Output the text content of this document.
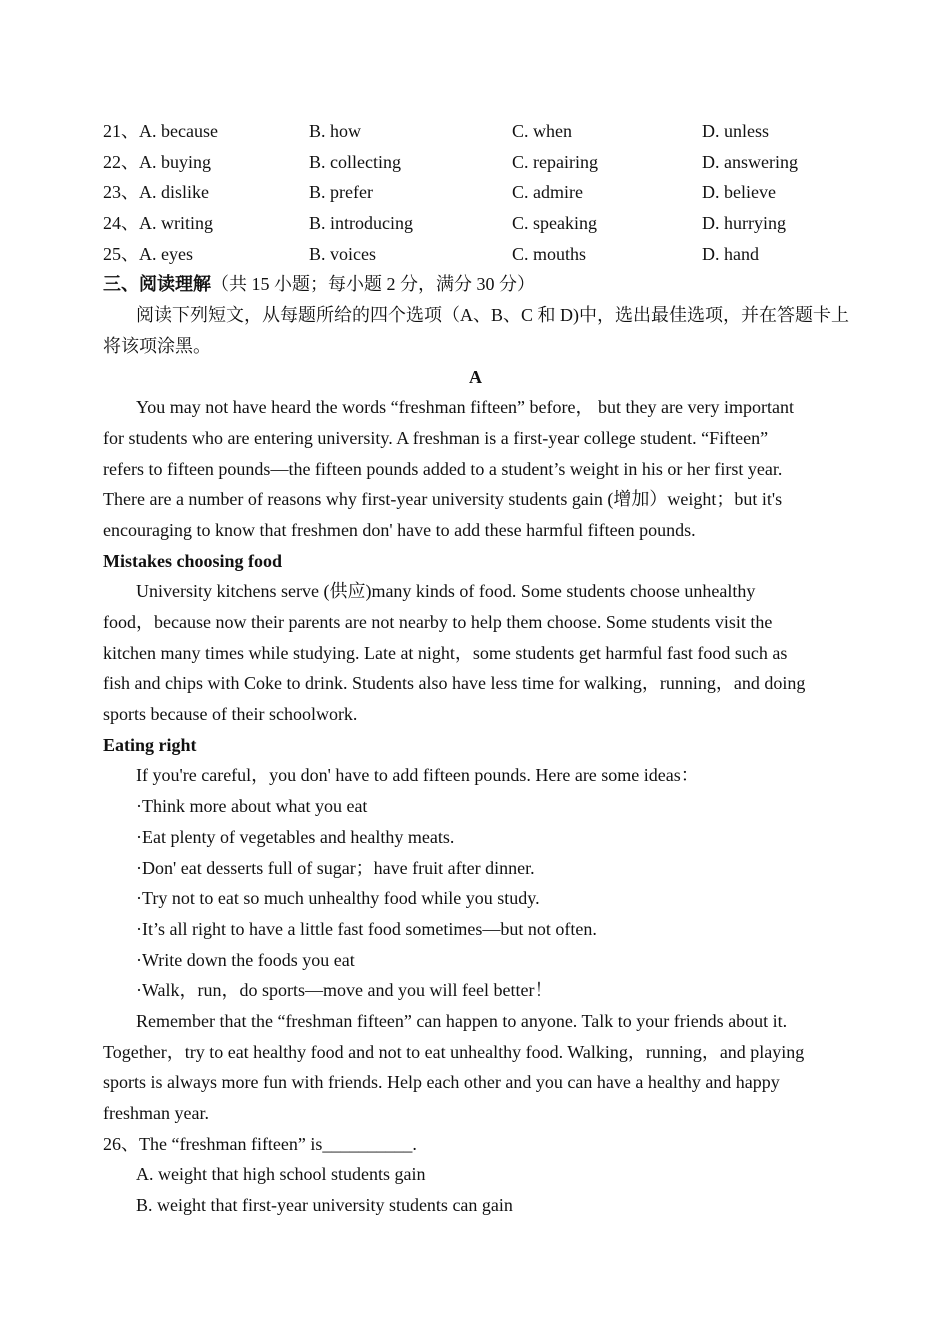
21、A. because	B. how	C. when	D. unless
22、A. buying	B. collecting	C. repairing	D. answering
23、A. dislike	B. prefer	C. admire	D. believe
24、A. writing	B. introducing	C. speaking	D. hurrying
25、A. eyes	B. voices	C. mouths	D. hand
三、阅读理解（共 15 小题；每小题 2 分，满分 30 分）
阅读下列短文，从每题所给的四个选项（A、B、C 和 D)中，选出最佳选项，并在答题卡上
将该项涂黑。
A
You may not have heard the words “freshman fifteen” before， but they are very important
for students who are entering university. A freshman is a first-year college student. “Fifteen”
refers to fifteen pounds—the fifteen pounds added to a student’s weight in his or her first year.
There are a number of reasons why first-year university students gain (增加）weight；but it's
encouraging to know that freshmen don' have to add these harmful fifteen pounds.
Mistakes choosing food
University kitchens serve (供应)many kinds of food. Some students choose unhealthy
food，because now their parents are not nearby to help them choose. Some students visit the
kitchen many times while studying. Late at night，some students get harmful fast food such as
fish and chips with Coke to drink. Students also have less time for walking，running，and doing
sports because of their schoolwork.
Eating right
If you're careful，you don' have to add fifteen pounds. Here are some ideas：
·Think more about what you eat
·Eat plenty of vegetables and healthy meats.
·Don' eat desserts full of sugar；have fruit after dinner.
·Try not to eat so much unhealthy food while you study.
·It’s all right to have a little fast food sometimes—but not often.
·Write down the foods you eat
·Walk，run，do sports—move and you will feel better！
Remember that the “freshman fifteen” can happen to anyone. Talk to your friends about it.
Together，try to eat healthy food and not to eat unhealthy food. Walking，running，and playing
sports is always more fun with friends. Help each other and you can have a healthy and happy
freshman year.
26、The “freshman fifteen” is__________.
A. weight that high school students gain
B. weight that first-year university students can gain
